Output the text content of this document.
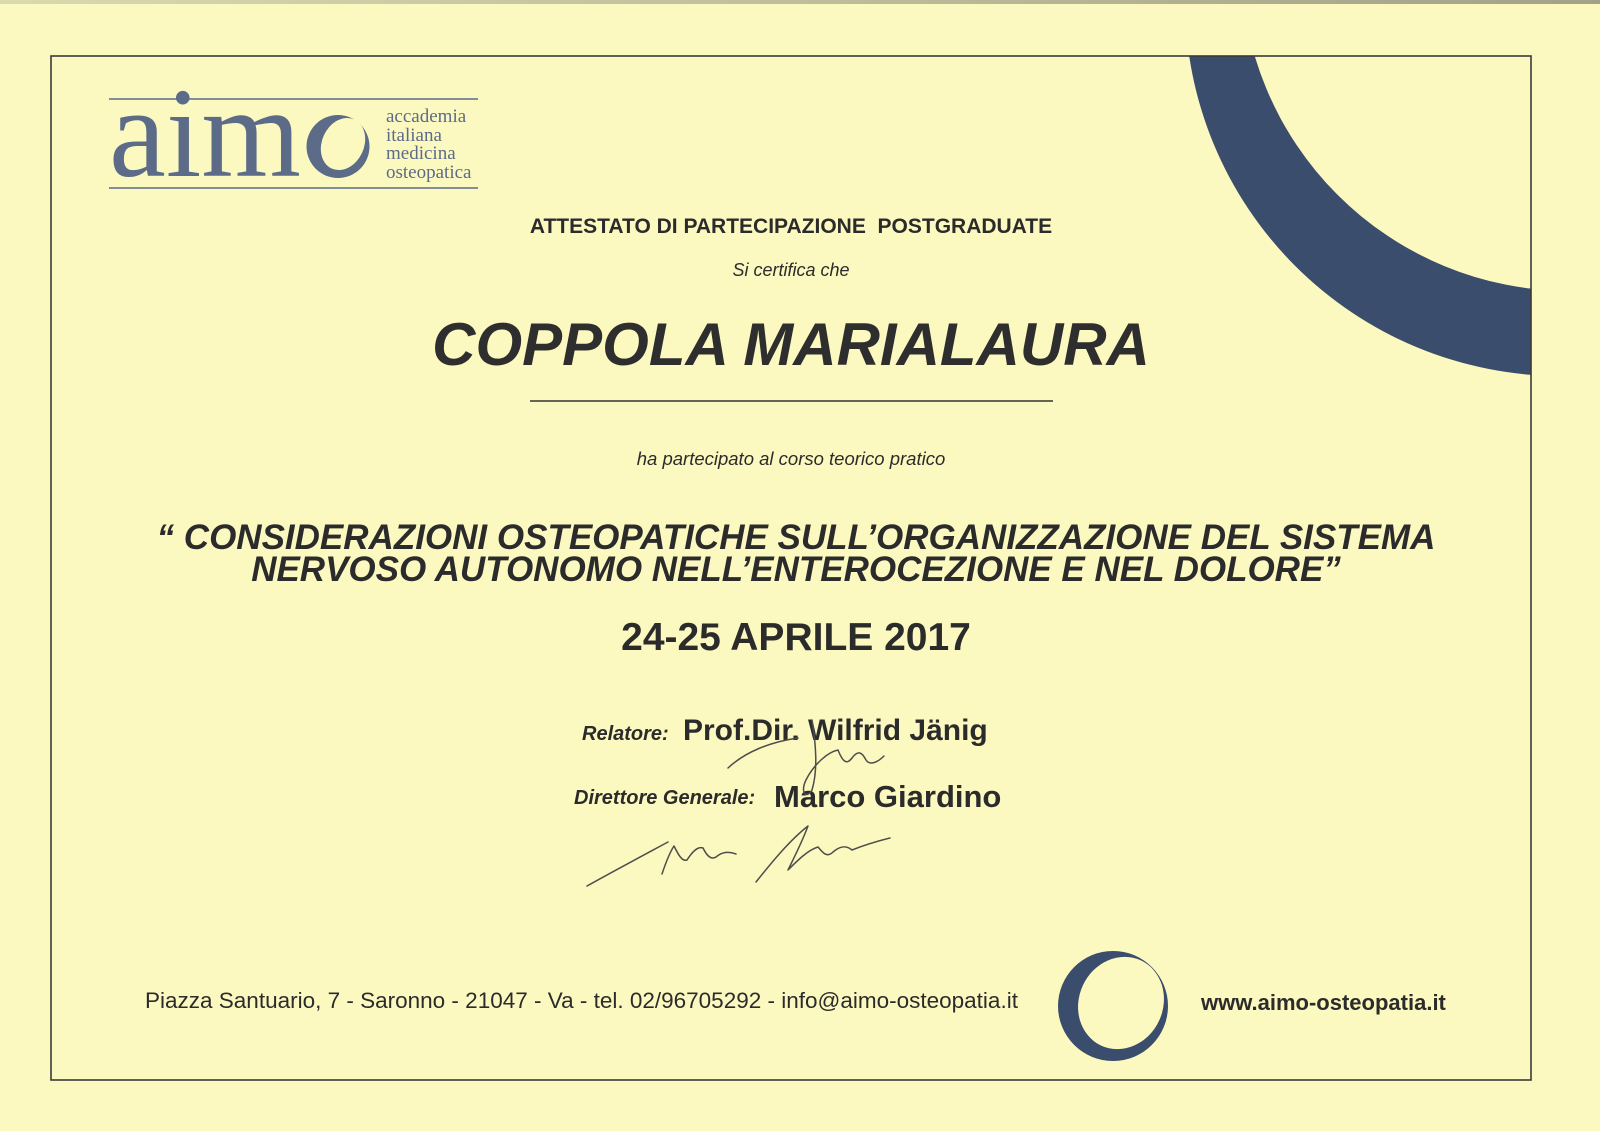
aim	accademia
italiana
medicina
osteopatica
ATTESTATO DI PARTECIPAZIONE  POSTGRADUATE
Si certifica che
COPPOLA MARIALAURA
ha partecipato al corso teorico pratico
“ CONSIDERAZIONI OSTEOPATICHE SULL’ORGANIZZAZIONE DEL SISTEMA
NERVOSO AUTONOMO NELL’ENTEROCEZIONE E NEL DOLORE”
24-25 APRILE 2017
Relatore: Prof.Dir. Wilfrid Jänig
Direttore Generale: Marco Giardino
Piazza Santuario, 7 - Saronno - 21047 - Va - tel. 02/96705292 - info@aimo-osteopatia.it	www.aimo-osteopatia.it
